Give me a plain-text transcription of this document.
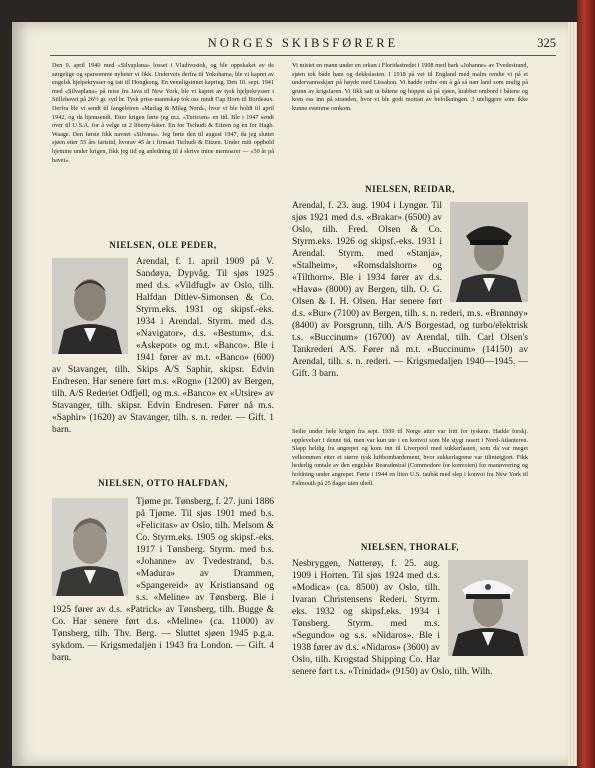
NORGES SKIBSFØRERE	325

Den 9. april 1940 med «Silvaplana» losset i Vladivostok, og ble oppskaket av de sørgelige og sparsomme nyheter vi fikk. Underveis derfra til Yokohama, ble vi kapret av engelsk hjelpekrysser og tatt til Hongkong. En vennligsinnet kapring. Den 10. sept. 1941 med «Silvaplana» på reise fra Java til New York, ble vi kapret av tysk hjelpekrysser i Stillehavet på 26½ gr. syd br. Tysk prise-mannskap tok oss rundt Cap Horn til Bordeaux. Derfra ble vi sendt til fangeleiren «Marlag & Milag Nord», hvor vi ble holdt til april 1942, og da hjemsendt. Etter krigen førte jeg m.t. «Turicum» en tid. Ble i 1947 sendt over til U.S.A. for å velge ut 2 liberty-båter. En for Tschudi & Eitzen og en for Hagb. Waage. Den første fikk navnet «Silvana». Jeg førte den til august 1947, da jeg sluttet sjøen etter 55 års fartstid, hvorav 45 år i firmaet Tschudi & Eitzen. Under mitt opphold hjemme under krigen, fikk jeg tid og anledning til å skrive mine memoarer — «50 år på havet».

NIELSEN, OLE PEDER,

Arendal, f. 1. april 1909 på V. Sandøya, Dypvåg. Til sjøs 1925 med d.s. «Vildfugl» av Oslo, tilh. Halfdan Ditlev-Simonsen & Co. Styrm.eks. 1931 og skipsf.-eks. 1934 i Arendal. Styrm. med d.s. «Navigator», d.s. «Bestum», d.s. «Askepot» og m.t. «Banco». Ble i 1941 fører av m.t. «Banco» (600) av Stavanger, tilh. Skips A/S Saphir, skipsr. Edvin Endresen. Har senere ført m.s. «Rogn» (1200) av Bergen, tilh. A/S Rederiet Odfjell, og m.s. «Banco» ex «Utsire» av Stavanger, tilh. skipsr. Edvin Endresen. Fører nå m.s. «Saphir» (1620) av Stavanger, tilh. s. n. reder. — Gift. 1 barn.

NIELSEN, OTTO HALFDAN,

Tjøme pr. Tønsberg, f. 27. juni 1886 på Tjøme. Til sjøs 1901 med b.s. «Felicitas» av Oslo, tilh. Melsom & Co. Styrm.eks. 1905 og skipsf.-eks. 1917 i Tønsberg. Styrm. med b.s. «Johanne» av Tvedestrand, b.s. «Madura» av Drammen, «Spangereid» av Kristiansand og s.s. «Meline» av Tønsberg. Ble i 1925 fører av d.s. «Patrick» av Tønsberg, tilh. Bugge & Co. Har senere ført d.s. «Meline» (ca. 11000) av Tønsberg, tilh. Thv. Berg. — Sluttet sjøen 1945 p.g.a. sykdom. — Krigsmedaljen i 1943 fra London. — Gift. 4 barn.

Vi mistet en mann under en orkan i Floridastredet i 1908 med bark «Johanne» av Tvedestrand, sjøen tok både ham og dekkslasten. I 1918 på vei til England med malm rendte vi på et undervannsskjær på høyde med Lissabon. Vi hadde ordre om å gå så nær land som mulig på grunn av krigsfaren. Vi fikk satt ut båtene og hoppet så på sjøen, krabbet ombord i båtene og kom oss inn på stranden, hvor vi ble godt mottatt av befolkningen. 3 uteliggere som ikke kunne svømme omkom.

NIELSEN, REIDAR,

Arendal, f. 23. aug. 1904 i Lyngør. Til sjøs 1921 med d.s. «Brakar» (6500) av Oslo, tilh. Fred. Olsen & Co. Styrm.eks. 1926 og skipsf.-eks. 1931 i Arendal. Styrm. med «Stanja», «Stalheim», «Romsdalshorn» og «Tilthorn». Ble i 1934 fører av d.s. «Havø» (8000) av Bergen, tilh. O. G. Olsen & I. H. Olsen. Har senere ført d.s. «Bur» (7100) av Bergen, tilh. s. n. rederi, m.s. «Brønnøy» (8400) av Porsgrunn, tilh. A/S Borgestad, og turbo/elektrisk t.s. «Buccinum» (16700) av Arendal, tilh. Carl Olsen's Tankrederi A/S. Fører nå m.t. «Buccinum» (14150) av Arendal, tilh. s. n. rederi. — Krigsmedaljen 1940—1945. — Gift. 3 barn.

Seilte under hele krigen fra sept. 1939 til Norge atter var fritt for tyskere. Hadde forskj. opplevelser i denne tid, men var kun ute i en konvoi som ble stygt rasert i Nord-Atlanteren. Slapp heldig fra angrepet og kom inn til Liverpool med sukkerlasten, som da var meget velkommen etter et større tysk luftbombardement, hvor sukkerlagrene var tilintetgjort. Fikk hederlig omtale av den engelske Rearadmiral (Commodore for konvoien) for manøvrering og holdning under angrepet. Førte i 1944 en liten U.S. taubåt med slep i konvoi fra New York til Falmouth på 25 dager uten uhell.

NIELSEN, THORALF,

Nesbryggen, Nøtterøy, f. 25. aug. 1909 i Horten. Til sjøs 1924 med d.s. «Modica» (ca. 8500) av Oslo, tilh. Ivaran Christensens Rederi. Styrm. eks. 1932 og skipsf.eks. 1934 i Tønsberg. Styrm. med m.s. «Segundo» og s.s. «Nidaros». Ble i 1938 fører av d.s. «Nidaros» (3600) av Oslo, tilh. Krogstad Shipping Co. Har senere ført t.s. «Trinidad» (9150) av Oslo, tilh. Wilh.
